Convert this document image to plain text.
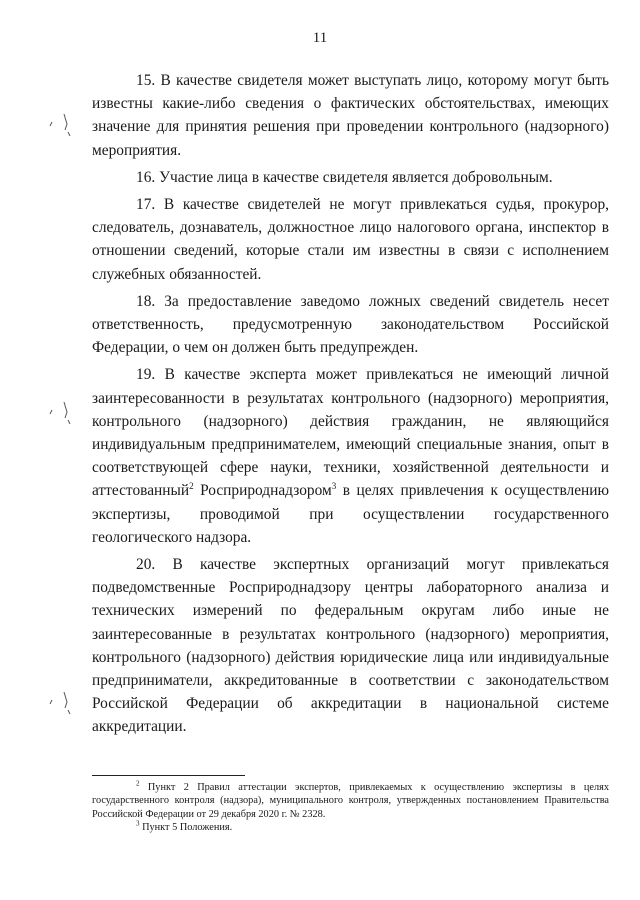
11

15. В качестве свидетеля может выступать лицо, которому могут быть известны какие-либо сведения о фактических обстоятельствах, имеющих значение для принятия решения при проведении контрольного (надзорного) мероприятия.

16. Участие лица в качестве свидетеля является добровольным.

17. В качестве свидетелей не могут привлекаться судья, прокурор, следователь, дознаватель, должностное лицо налогового органа, инспектор в отношении сведений, которые стали им известны в связи с исполнением служебных обязанностей.

18. За предоставление заведомо ложных сведений свидетель несет ответственность, предусмотренную законодательством Российской Федерации, о чем он должен быть предупрежден.

19. В качестве эксперта может привлекаться не имеющий личной заинтересованности в результатах контрольного (надзорного) мероприятия, контрольного (надзорного) действия гражданин, не являющийся индивидуальным предпринимателем, имеющий специальные знания, опыт в соответствующей сфере науки, техники, хозяйственной деятельности и аттестованный$^2$ Росприроднадзором$^3$ в целях привлечения к осуществлению экспертизы, проводимой при осуществлении государственного геологического надзора.

20. В качестве экспертных организаций могут привлекаться подведомственные Росприроднадзору центры лабораторного анализа и технических измерений по федеральным округам либо иные не заинтересованные в результатах контрольного (надзорного) мероприятия, контрольного (надзорного) действия юридические лица или индивидуальные предприниматели, аккредитованные в соответствии с законодательством Российской Федерации об аккредитации в национальной системе аккредитации.

$^2$ Пункт 2 Правил аттестации экспертов, привлекаемых к осуществлению экспертизы в целях государственного контроля (надзора), муниципального контроля, утвержденных постановлением Правительства Российской Федерации от 29 декабря 2020 г. № 2328.

$^3$ Пункт 5 Положения.
